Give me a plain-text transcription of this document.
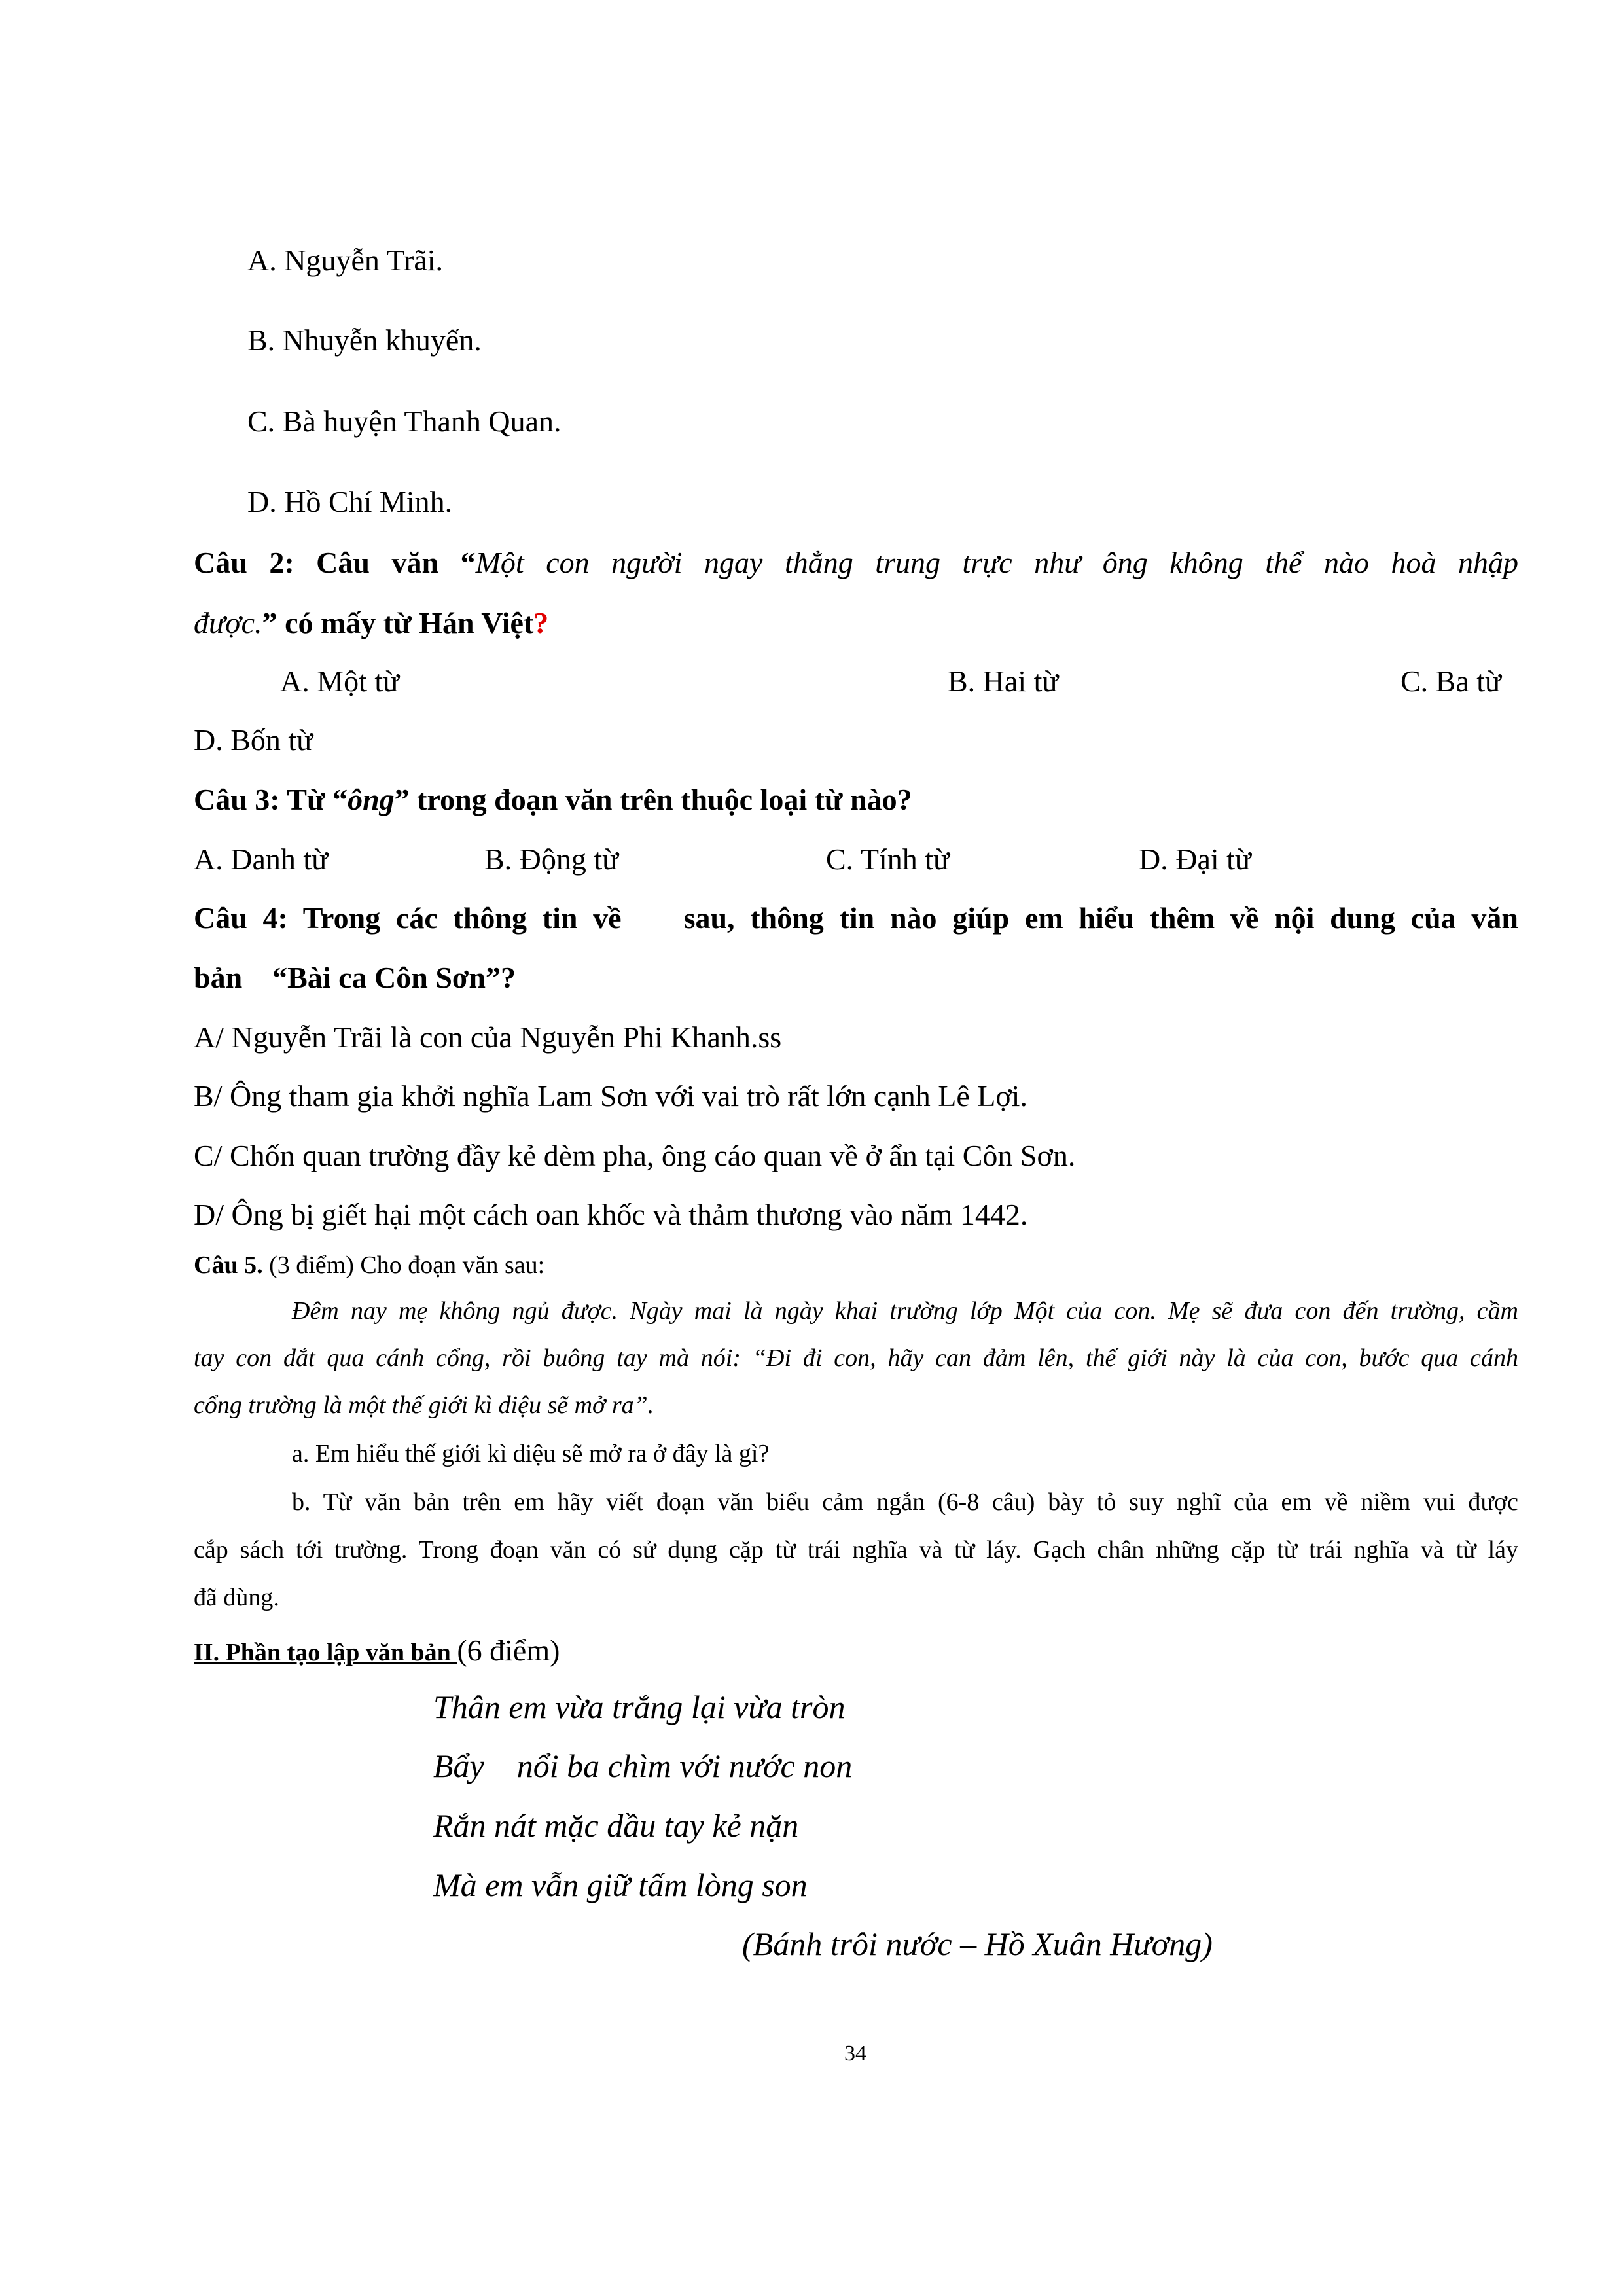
A. Nguyễn Trãi.
B. Nhuyễn khuyến.
C. Bà huyện Thanh Quan.
D. Hồ Chí Minh.
Câu 2: Câu văn “Một con người ngay thẳng trung trực như ông không thể nào hoà nhập
được.” có mấy từ Hán Việt?
A. Một từ	B. Hai từ	C. Ba từ
D. Bốn từ
Câu 3: Từ “ông” trong đoạn văn trên thuộc loại từ nào?
A. Danh từ	B. Động từ	C. Tính từ	D. Đại từ
Câu 4: Trong các thông tin về    sau, thông tin nào giúp em hiểu thêm về nội dung của văn
bản    “Bài ca Côn Sơn”?
A/ Nguyễn Trãi là con của Nguyễn Phi Khanh.ss
B/ Ông tham gia khởi nghĩa Lam Sơn với vai trò rất lớn cạnh Lê Lợi.
C/ Chốn quan trường đầy kẻ dèm pha, ông cáo quan về ở ẩn tại Côn Sơn.
D/ Ông bị giết hại một cách oan khốc và thảm thương vào năm 1442.
Câu 5. (3 điểm) Cho đoạn văn sau:
Đêm nay mẹ không ngủ được. Ngày mai là ngày khai trường lớp Một của con. Mẹ sẽ đưa con đến trường, cầm
tay con dắt qua cánh cổng, rồi buông tay mà nói: “Đi đi con, hãy can đảm lên, thế giới này là của con, bước qua cánh
cổng trường là một thế giới kì diệu sẽ mở ra”.
a. Em hiểu thế giới kì diệu sẽ mở ra ở đây là gì?
b. Từ văn bản trên em hãy viết đoạn văn biểu cảm ngắn (6-8 câu) bày tỏ suy nghĩ của em về niềm vui được
cắp sách tới trường. Trong đoạn văn có sử dụng cặp từ trái nghĩa và từ láy. Gạch chân những cặp từ trái nghĩa và từ láy
đã dùng.
II. Phần tạo lập văn bản (6 điểm)
Thân em vừa trắng lại vừa tròn
Bẩy    nổi ba chìm với nước non
Rắn nát mặc dầu tay kẻ nặn
Mà em vẫn giữ tấm lòng son
(Bánh trôi nước – Hồ Xuân Hương)
34
